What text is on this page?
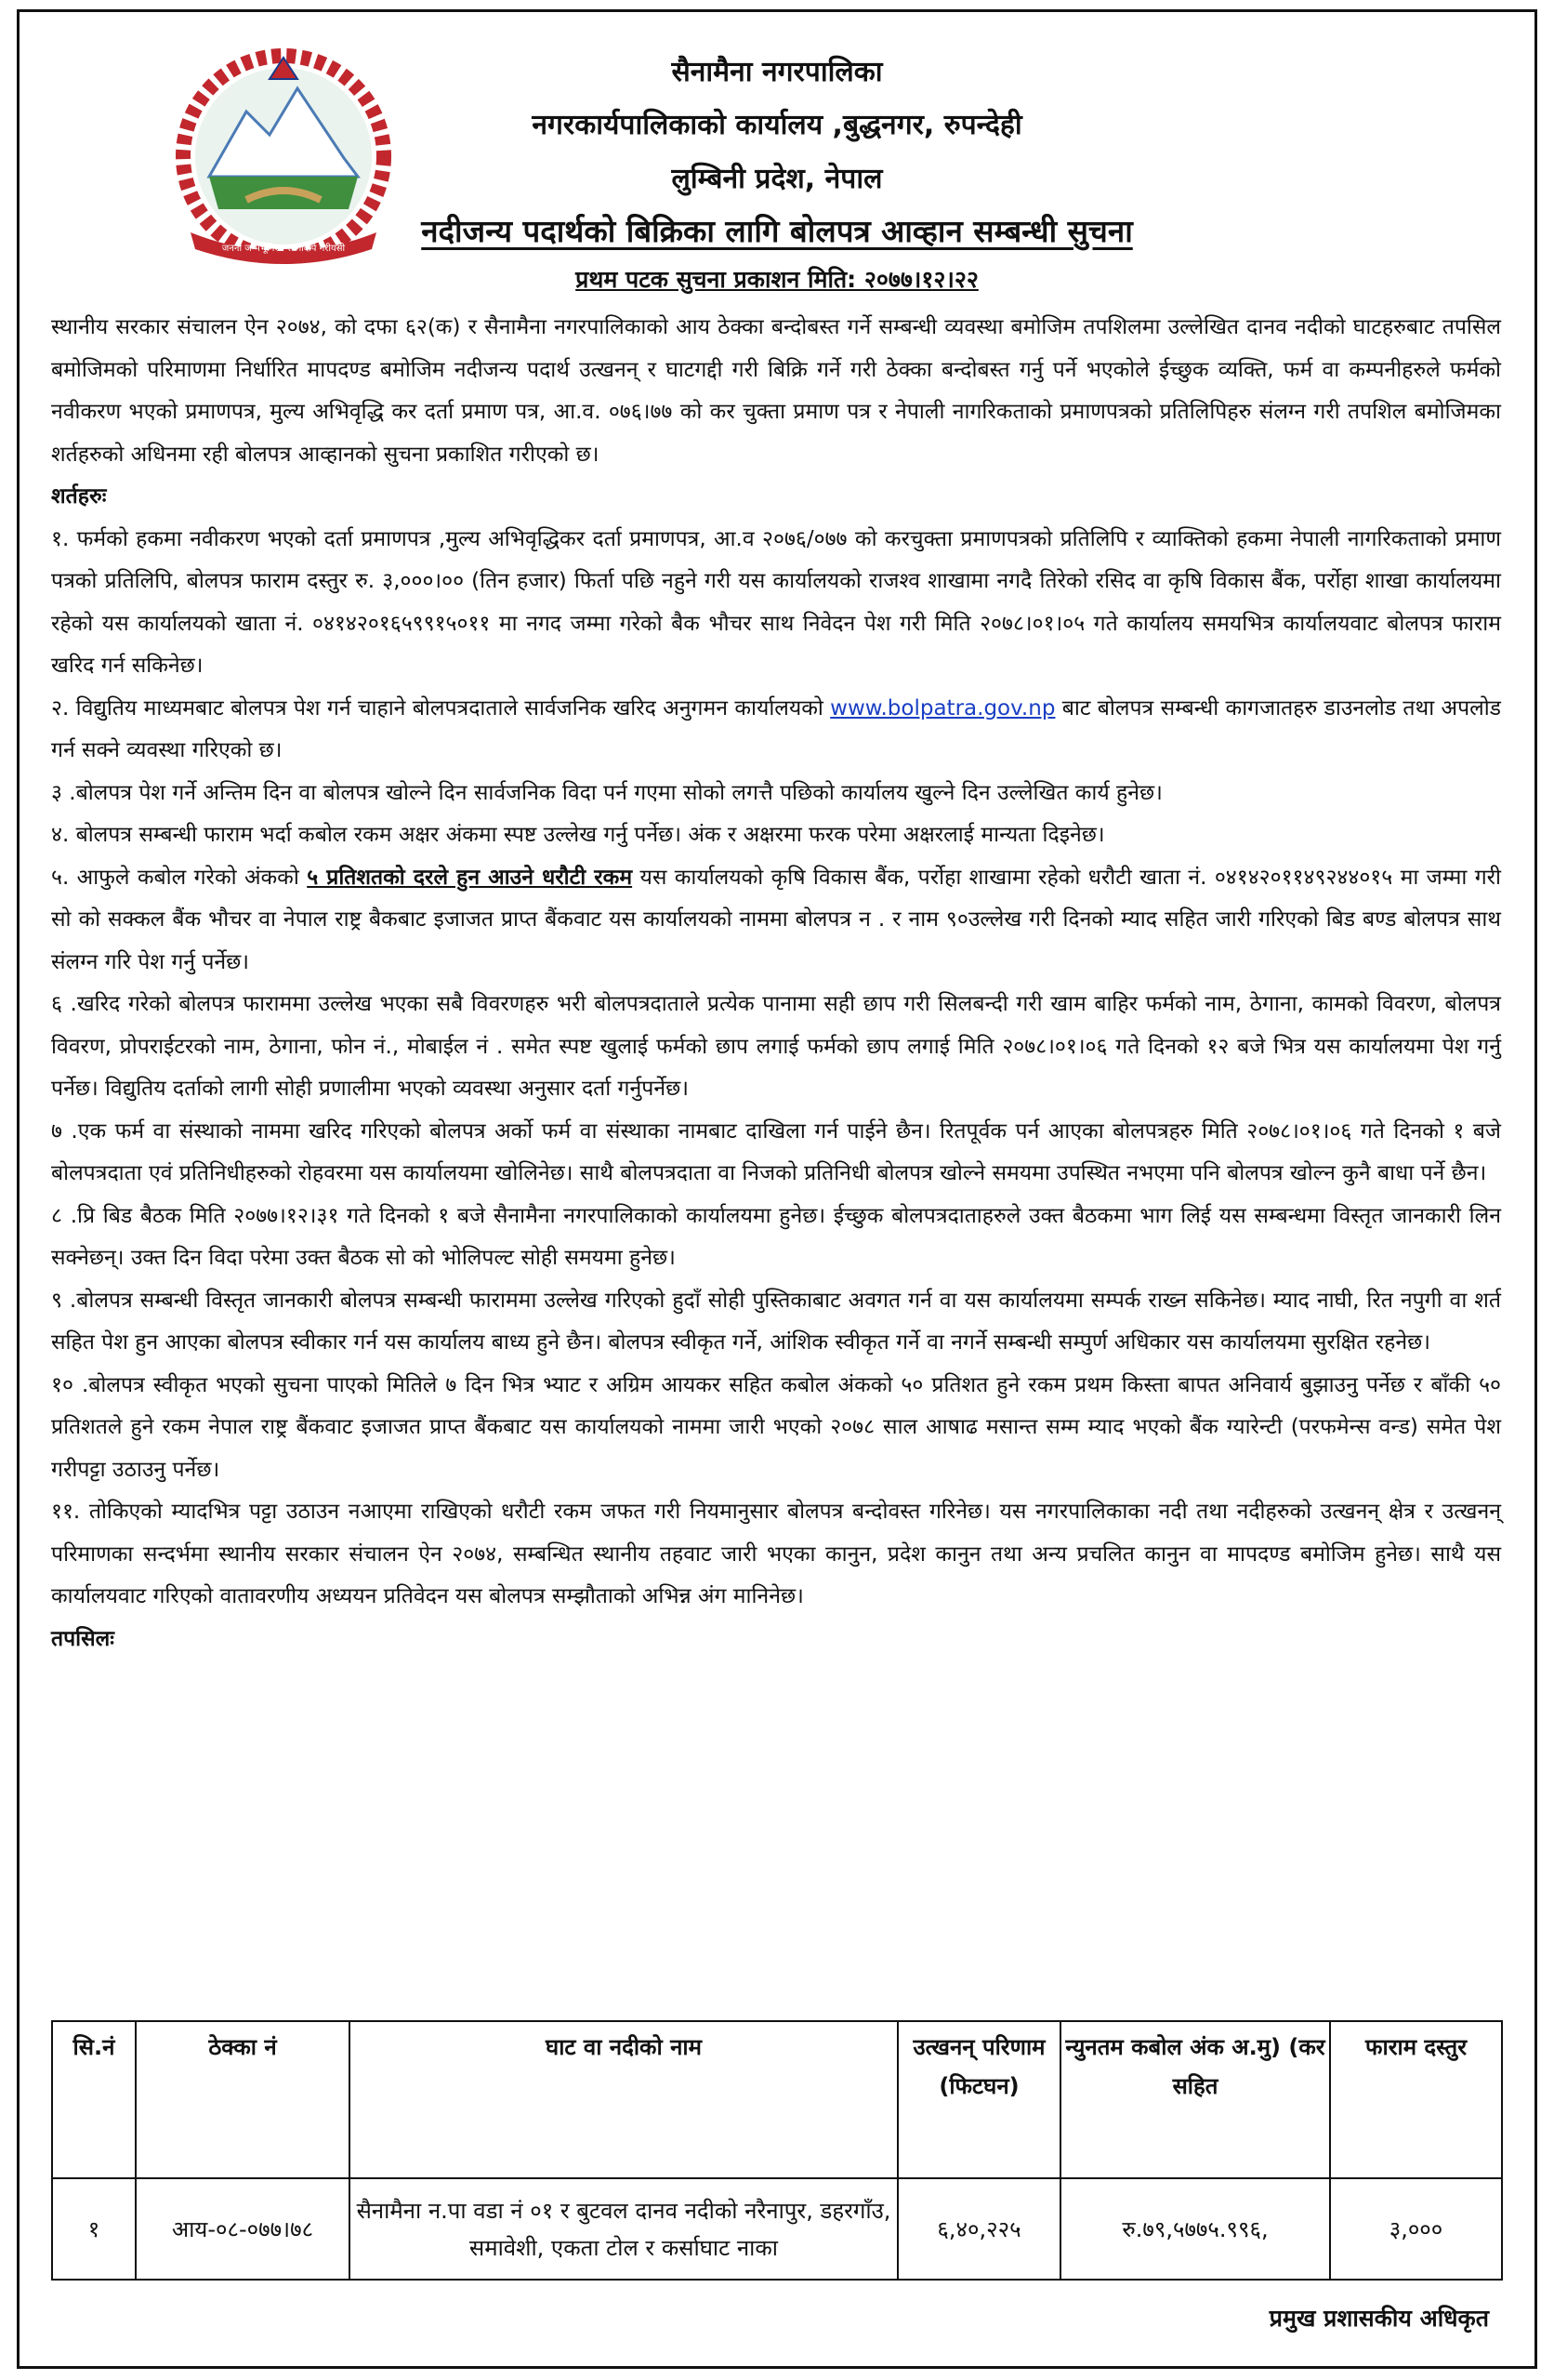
जननी जन्मभूमिश्च स्वर्गादपि गरीयसी
सैनामैना नगरपालिका
नगरकार्यपालिकाको कार्यालय ,बुद्धनगर, रुपन्देही
लुम्बिनी प्रदेश, नेपाल
नदीजन्य पदार्थको बिक्रिका लागि बोलपत्र आव्हान सम्बन्धी सुचना
प्रथम पटक सुचना प्रकाशन मिति: २०७७।१२।२२

स्थानीय सरकार संचालन ऐन २०७४, को दफा ६२(क) र सैनामैना नगरपालिकाको आय ठेक्का बन्दोबस्त गर्ने सम्बन्धी व्यवस्था बमोजिम तपशिलमा उल्लेखित दानव नदीको घाटहरुबाट तपसिल बमोजिमको परिमाणमा निर्धारित मापदण्ड बमोजिम नदीजन्य पदार्थ उत्खनन् र घाटगद्दी गरी बिक्रि गर्ने गरी ठेक्का बन्दोबस्त गर्नु पर्ने भएकोले ईच्छुक व्यक्ति, फर्म वा कम्पनीहरुले फर्मको नवीकरण भएको प्रमाणपत्र, मुल्य अभिवृद्धि कर दर्ता प्रमाण पत्र, आ.व. ०७६।७७ को कर चुक्ता प्रमाण पत्र र नेपाली नागरिकताको प्रमाणपत्रको प्रतिलिपिहरु संलग्न गरी तपशिल बमोजिमका शर्तहरुको अधिनमा रही बोलपत्र आव्हानको सुचना प्रकाशित गरीएको छ।

शर्तहरुः

१. फर्मको हकमा नवीकरण भएको दर्ता प्रमाणपत्र ,मुल्य अभिवृद्धिकर दर्ता प्रमाणपत्र, आ.व २०७६/०७७ को करचुक्ता प्रमाणपत्रको प्रतिलिपि र व्याक्तिको हकमा नेपाली नागरिकताको प्रमाण पत्रको प्रतिलिपि, बोलपत्र फाराम दस्तुर रु. ३,०००।०० (तिन हजार) फिर्ता पछि नहुने गरी यस कार्यालयको राजश्व शाखामा नगदै तिरेको रसिद वा कृषि विकास बैंक, पर्रोहा शाखा कार्यालयमा रहेको यस कार्यालयको खाता नं. ०४१४२०१६५९९१५०११ मा नगद जम्मा गरेको बैक भौचर साथ निवेदन पेश गरी मिति २०७८।०१।०५ गते कार्यालय समयभित्र कार्यालयवाट बोलपत्र फाराम खरिद गर्न सकिनेछ।

२. विद्युतिय माध्यमबाट बोलपत्र पेश गर्न चाहाने बोलपत्रदाताले सार्वजनिक खरिद अनुगमन कार्यालयको www.bolpatra.gov.np बाट बोलपत्र सम्बन्धी कागजातहरु डाउनलोड तथा अपलोड गर्न सक्ने व्यवस्था गरिएको छ।

३ .बोलपत्र पेश गर्ने अन्तिम दिन वा बोलपत्र खोल्ने दिन सार्वजनिक विदा पर्न गएमा सोको लगत्तै पछिको कार्यालय खुल्ने दिन उल्लेखित कार्य हुनेछ।

४. बोलपत्र सम्बन्धी फाराम भर्दा कबोल रकम अक्षर अंकमा स्पष्ट उल्लेख गर्नु पर्नेछ। अंक र अक्षरमा फरक परेमा अक्षरलाई मान्यता दिइनेछ।

५. आफुले कबोल गरेको अंकको ५ प्रतिशतको दरले हुन आउने धरौटी रकम यस कार्यालयको कृषि विकास बैंक, पर्रोहा शाखामा रहेको धरौटी खाता नं. ०४१४२०११४९२४४०१५ मा जम्मा गरी सो को सक्कल बैंक भौचर वा नेपाल राष्ट्र बैकबाट इजाजत प्राप्त बैंकवाट यस कार्यालयको नाममा बोलपत्र न . र नाम ९०उल्लेख गरी दिनको म्याद सहित जारी गरिएको बिड बण्ड बोलपत्र साथ संलग्न गरि पेश गर्नु पर्नेछ।

६ .खरिद गरेको बोलपत्र फाराममा उल्लेख भएका सबै विवरणहरु भरी बोलपत्रदाताले प्रत्येक पानामा सही छाप गरी सिलबन्दी गरी खाम बाहिर फर्मको नाम, ठेगाना, कामको विवरण, बोलपत्र विवरण, प्रोपराईटरको नाम, ठेगाना, फोन नं., मोबाईल नं . समेत स्पष्ट खुलाई फर्मको छाप लगाई फर्मको छाप लगाई मिति २०७८।०१।०६ गते दिनको १२ बजे भित्र यस कार्यालयमा पेश गर्नु पर्नेछ। विद्युतिय दर्ताको लागी सोही प्रणालीमा भएको व्यवस्था अनुसार दर्ता गर्नुपर्नेछ।

७ .एक फर्म वा संस्थाको नाममा खरिद गरिएको बोलपत्र अर्को फर्म वा संस्थाका नामबाट दाखिला गर्न पाईने छैन। रितपूर्वक पर्न आएका बोलपत्रहरु मिति २०७८।०१।०६ गते दिनको १ बजे बोलपत्रदाता एवं प्रतिनिधीहरुको रोहवरमा यस कार्यालयमा खोलिनेछ। साथै बोलपत्रदाता वा निजको प्रतिनिधी बोलपत्र खोल्ने समयमा उपस्थित नभएमा पनि बोलपत्र खोल्न कुनै बाधा पर्ने छैन।

८ .प्रि बिड बैठक मिति २०७७।१२।३१ गते दिनको १ बजे सैनामैना नगरपालिकाको कार्यालयमा हुनेछ। ईच्छुक बोलपत्रदाताहरुले उक्त बैठकमा भाग लिई यस सम्बन्धमा विस्तृत जानकारी लिन सक्नेछन्। उक्त दिन विदा परेमा उक्त बैठक सो को भोलिपल्ट सोही समयमा हुनेछ।

९ .बोलपत्र सम्बन्धी विस्तृत जानकारी बोलपत्र सम्बन्धी फाराममा उल्लेख गरिएको हुदाँ सोही पुस्तिकाबाट अवगत गर्न वा यस कार्यालयमा सम्पर्क राख्न सकिनेछ। म्याद नाघी, रित नपुगी वा शर्त सहित पेश हुन आएका बोलपत्र स्वीकार गर्न यस कार्यालय बाध्य हुने छैन। बोलपत्र स्वीकृत गर्ने, आंशिक स्वीकृत गर्ने वा नगर्ने सम्बन्धी सम्पुर्ण अधिकार यस कार्यालयमा सुरक्षित रहनेछ।

१० .बोलपत्र स्वीकृत भएको सुचना पाएको मितिले ७ दिन भित्र भ्याट र अग्रिम आयकर सहित कबोल अंकको ५० प्रतिशत हुने रकम प्रथम किस्ता बापत अनिवार्य बुझाउनु पर्नेछ र बाँकी ५० प्रतिशतले हुने रकम नेपाल राष्ट्र बैंकवाट इजाजत प्राप्त बैंकबाट यस कार्यालयको नाममा जारी भएको २०७८ साल आषाढ मसान्त सम्म म्याद भएको बैंक ग्यारेन्टी (परफमेन्स वन्ड) समेत पेश गरीपट्टा उठाउनु पर्नेछ।

११. तोकिएको म्यादभित्र पट्टा उठाउन नआएमा राखिएको धरौटी रकम जफत गरी नियमानुसार बोलपत्र बन्दोवस्त गरिनेछ। यस नगरपालिकाका नदी तथा नदीहरुको उत्खनन् क्षेत्र र उत्खनन् परिमाणका सन्दर्भमा स्थानीय सरकार संचालन ऐन २०७४, सम्बन्धित स्थानीय तहवाट जारी भएका कानुन, प्रदेश कानुन तथा अन्य प्रचलित कानुन वा मापदण्ड बमोजिम हुनेछ। साथै यस कार्यालयवाट गरिएको वातावरणीय अध्ययन प्रतिवेदन यस बोलपत्र सम्झौताको अभिन्न अंग मानिनेछ।

तपसिलः

सि.नं	ठेक्का नं	घाट वा नदीको नाम	उत्खनन् परिणाम (फिटघन)	न्युनतम कबोल अंक अ.मु) (कर सहित	फाराम दस्तुर
१	आय-०८-०७७।७८	सैनामैना न.पा वडा नं ०१ र बुटवल दानव नदीको नरैनापुर, डहरगाँउ, समावेशी, एकता टोल र कर्साघाट नाका	६,४०,२२५	रु.७९,५७७५.९९६,	३,०००
प्रमुख प्रशासकीय अधिकृत
